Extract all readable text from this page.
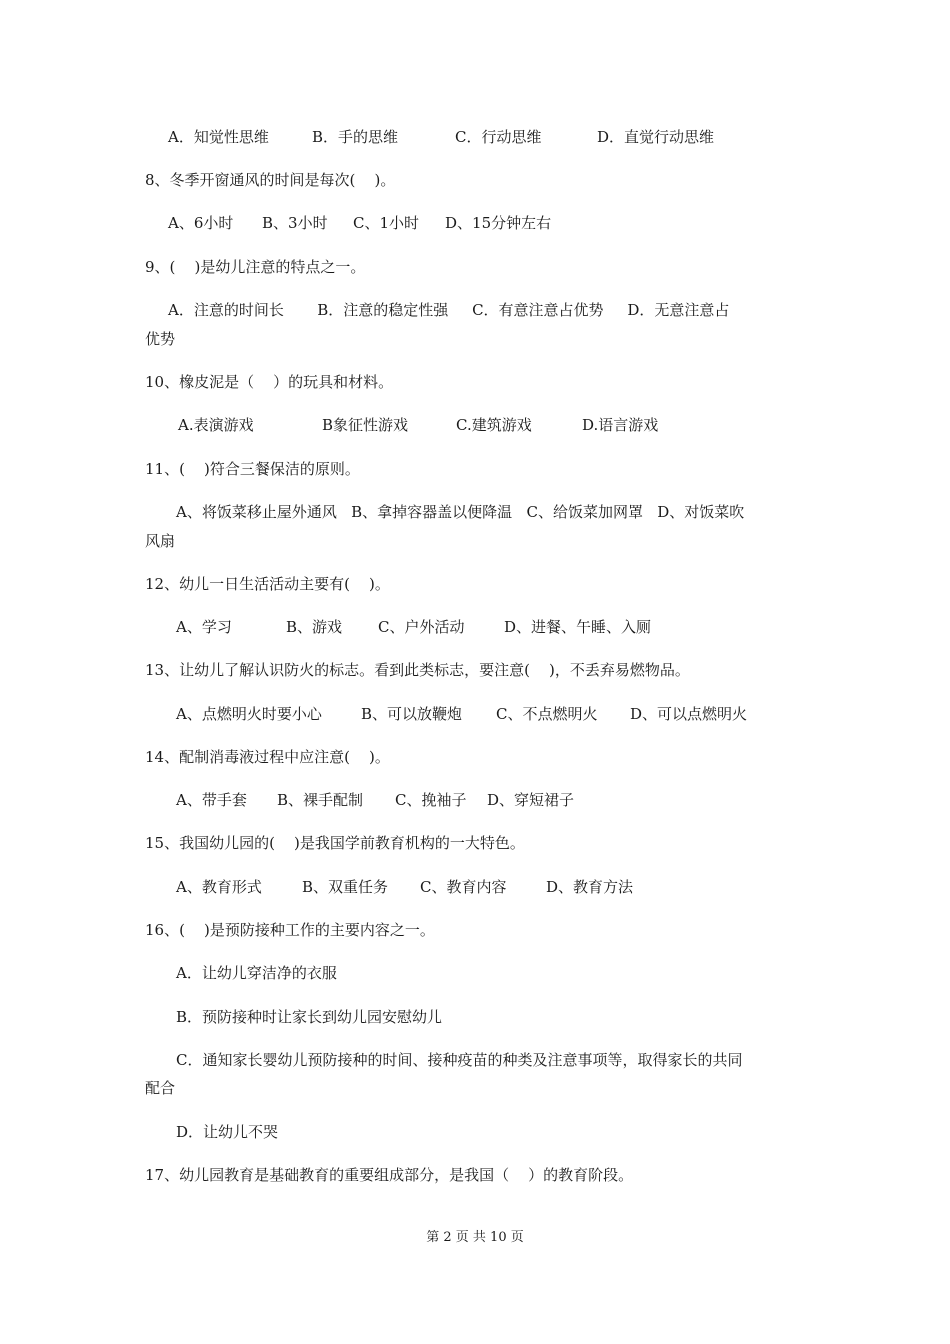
A．知觉性思维

	B．手的思维

	C．行动思维

	D．直觉行动思维

8、冬季开窗通风的时间是每次(    )。

A、6小时

B、3小时

C、1小时

D、15分钟左右

9、(    )是幼儿注意的特点之一。

A．注意的时间长       B．注意的稳定性强     C．有意注意占优势     D．无意注意占

优势

10、橡皮泥是（    ）的玩具和材料。

A.表演游戏

	B象征性游戏

	C.建筑游戏

	D.语言游戏

11、(    )符合三餐保洁的原则。

A、将饭菜移止屋外通风   B、拿掉容器盖以便降温   C、给饭菜加网罩   D、对饭菜吹

风扇

12、幼儿一日生活活动主要有(    )。

A、学习

	B、游戏

C、户外活动

	D、进餐、午睡、入厕

13、让幼儿了解认识防火的标志。看到此类标志，要注意(    )，不丢弃易燃物品。

A、点燃明火时要小心

	B、可以放鞭炮

C、不点燃明火

D、可以点燃明火

14、配制消毒液过程中应注意(    )。

A、带手套

B、裸手配制

C、挽袖子

D、穿短裙子

15、我国幼儿园的(    )是我国学前教育机构的一大特色。

A、教育形式

	B、双重任务

C、教育内容

	D、教育方法

16、(    )是预防接种工作的主要内容之一。

A．让幼儿穿洁净的衣服

B．预防接种时让家长到幼儿园安慰幼儿

C．通知家长婴幼儿预防接种的时间、接种疫苗的种类及注意事项等，取得家长的共同

配合

D．让幼儿不哭

17、幼儿园教育是基础教育的重要组成部分，是我国（    ）的教育阶段。

第 2 页 共 10 页
